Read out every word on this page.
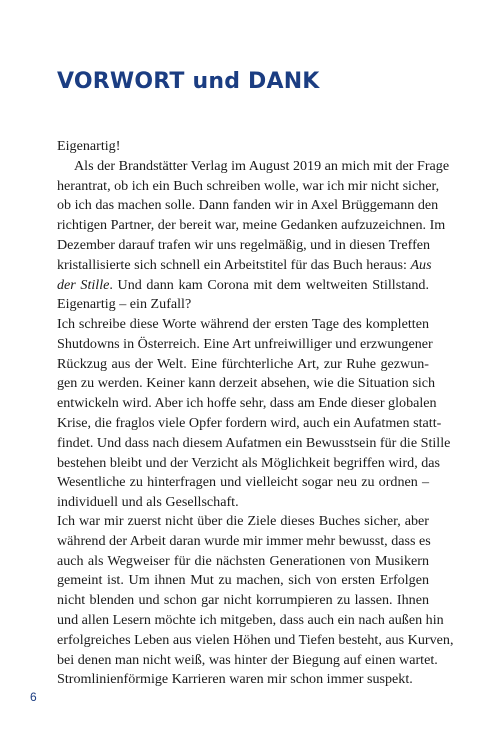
VORWORT und DANK
Eigenartig!
Als der Brandstätter Verlag im August 2019 an mich mit der Frage
herantrat, ob ich ein Buch schreiben wolle, war ich mir nicht sicher,
ob ich das machen solle. Dann fanden wir in Axel Brüggemann den
richtigen Partner, der bereit war, meine Gedanken aufzuzeichnen. Im
Dezember darauf trafen wir uns regelmäßig, und in diesen Treffen
kristallisierte sich schnell ein Arbeitstitel für das Buch heraus: Aus
der Stille. Und dann kam Corona mit dem weltweiten Stillstand.
Eigenartig – ein Zufall?
Ich schreibe diese Worte während der ersten Tage des kompletten
Shutdowns in Österreich. Eine Art unfreiwilliger und erzwungener
Rückzug aus der Welt. Eine fürchterliche Art, zur Ruhe gezwun-
gen zu werden. Keiner kann derzeit absehen, wie die Situation sich
entwickeln wird. Aber ich hoffe sehr, dass am Ende dieser globalen
Krise, die fraglos viele Opfer fordern wird, auch ein Aufatmen statt-
findet. Und dass nach diesem Aufatmen ein Bewusstsein für die Stille
bestehen bleibt und der Verzicht als Möglichkeit begriffen wird, das
Wesentliche zu hinterfragen und vielleicht sogar neu zu ordnen –
individuell und als Gesellschaft.
Ich war mir zuerst nicht über die Ziele dieses Buches sicher, aber
während der Arbeit daran wurde mir immer mehr bewusst, dass es
auch als Wegweiser für die nächsten Generationen von Musikern
gemeint ist. Um ihnen Mut zu machen, sich von ersten Erfolgen
nicht blenden und schon gar nicht korrumpieren zu lassen. Ihnen
und allen Lesern möchte ich mitgeben, dass auch ein nach außen hin
erfolgreiches Leben aus vielen Höhen und Tiefen besteht, aus Kurven,
bei denen man nicht weiß, was hinter der Biegung auf einen wartet.
Stromlinienförmige Karrieren waren mir schon immer suspekt.
6
